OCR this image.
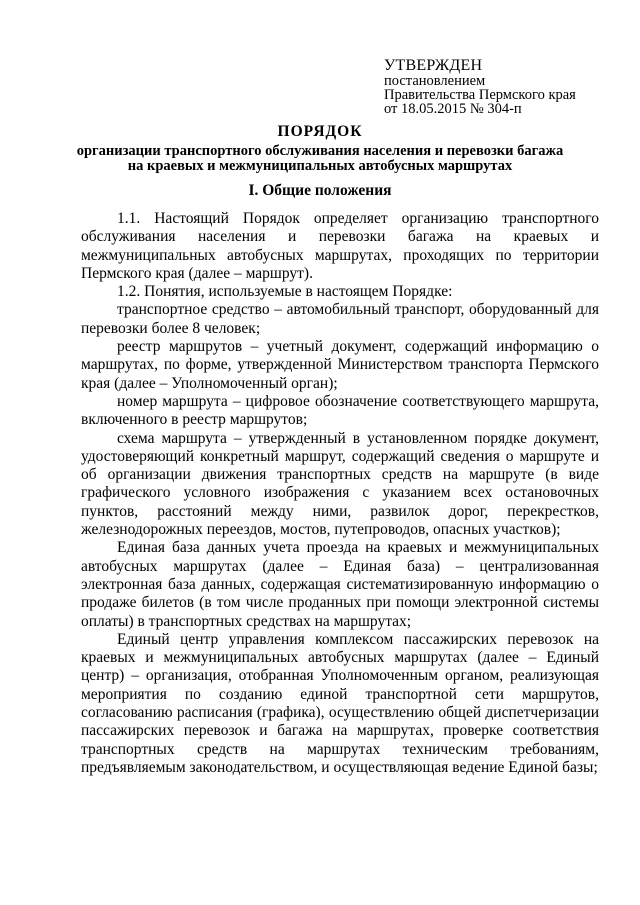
УТВЕРЖДЕН
постановлением
Правительства Пермского края
от 18.05.2015 № 304-п
ПОРЯДОК
организации транспортного обслуживания населения и перевозки багажа
на краевых и межмуниципальных автобусных маршрутах
I. Общие положения

1.1. Настоящий Порядок определяет организацию транспортного обслуживания населения и перевозки багажа на краевых и межмуниципальных автобусных маршрутах, проходящих по территории Пермского края (далее – маршрут).

1.2. Понятия, используемые в настоящем Порядке:

транспортное средство – автомобильный транспорт, оборудованный для перевозки более 8 человек;

реестр маршрутов – учетный документ, содержащий информацию о маршрутах, по форме, утвержденной Министерством транспорта Пермского края (далее – Уполномоченный орган);

номер маршрута – цифровое обозначение соответствующего маршрута, включенного в реестр маршрутов;

схема маршрута – утвержденный в установленном порядке документ, удостоверяющий конкретный маршрут, содержащий сведения о маршруте и об организации движения транспортных средств на маршруте (в виде графического условного изображения с указанием всех остановочных пунктов, расстояний между ними, развилок дорог, перекрестков, железнодорожных переездов, мостов, путепроводов, опасных участков);

Единая база данных учета проезда на краевых и межмуниципальных автобусных маршрутах (далее – Единая база) – централизованная электронная база данных, содержащая систематизированную информацию о продаже билетов (в том числе проданных при помощи электронной системы оплаты) в транспортных средствах на маршрутах;

Единый центр управления комплексом пассажирских перевозок на краевых и межмуниципальных автобусных маршрутах (далее – Единый центр) – организация, отобранная Уполномоченным органом, реализующая мероприятия по созданию единой транспортной сети маршрутов, согласованию расписания (графика), осуществлению общей диспетчеризации пассажирских перевозок и багажа на маршрутах, проверке соответствия транспортных средств на маршрутах техническим требованиям, предъявляемым законодательством, и осуществляющая ведение Единой базы;
